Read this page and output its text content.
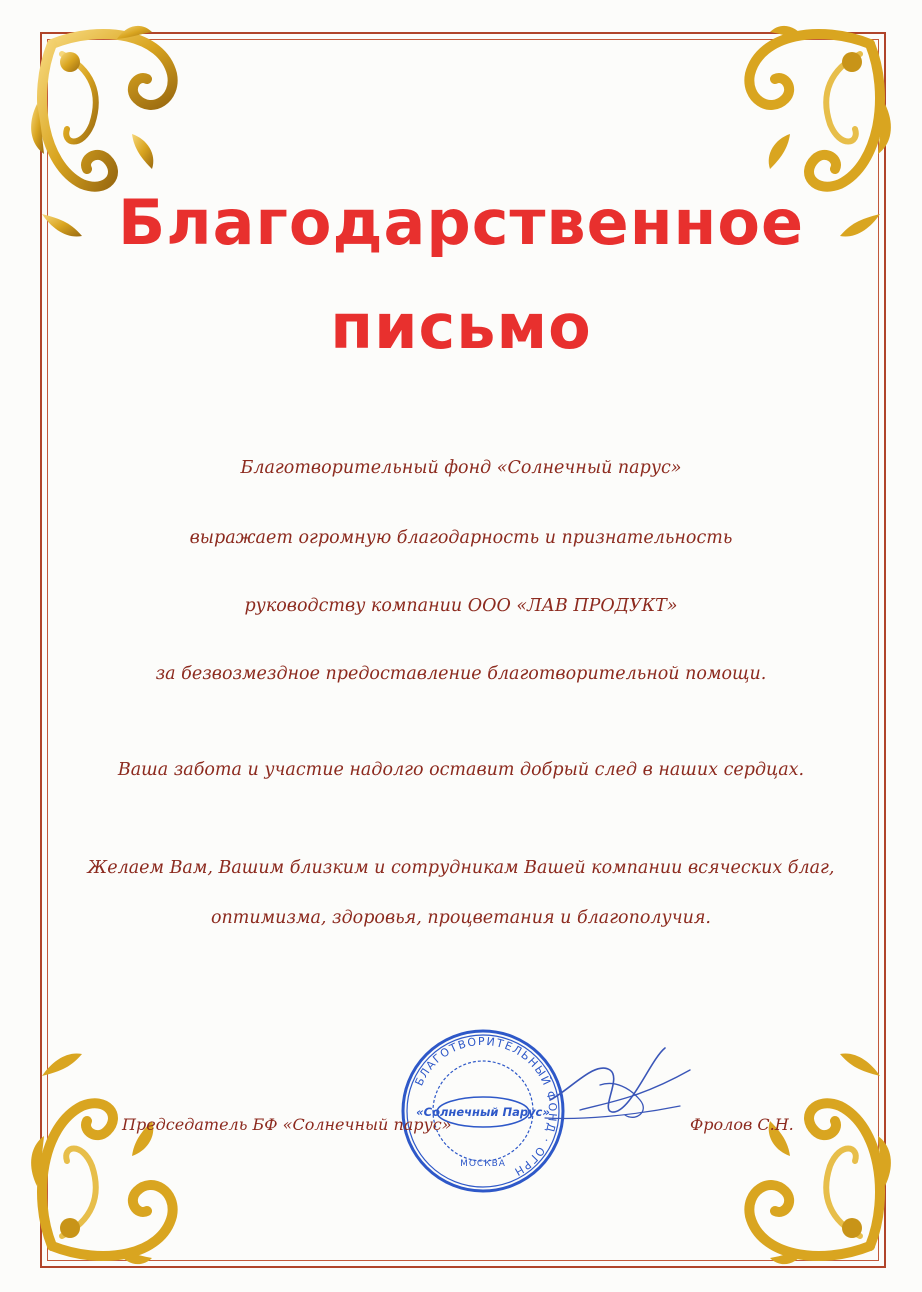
Благодарственное
письмо

Благотворительный фонд «Солнечный парус»

выражает огромную благодарность и признательность

руководству компании ООО «ЛАВ ПРОДУКТ»

за безвозмездное предоставление благотворительной помощи.

Ваша забота и участие надолго оставит добрый след в наших сердцах.

Желаем Вам, Вашим близким и сотрудникам Вашей компании всяческих благ,

оптимизма, здоровья, процветания и благополучия.

БЛАГОТВОРИТЕЛЬНЫЙ ФОНД · ОГРН
«Солнечный Парус»
МОСКВА

Председатель БФ «Солнечный парус»	Фролов С.Н.
